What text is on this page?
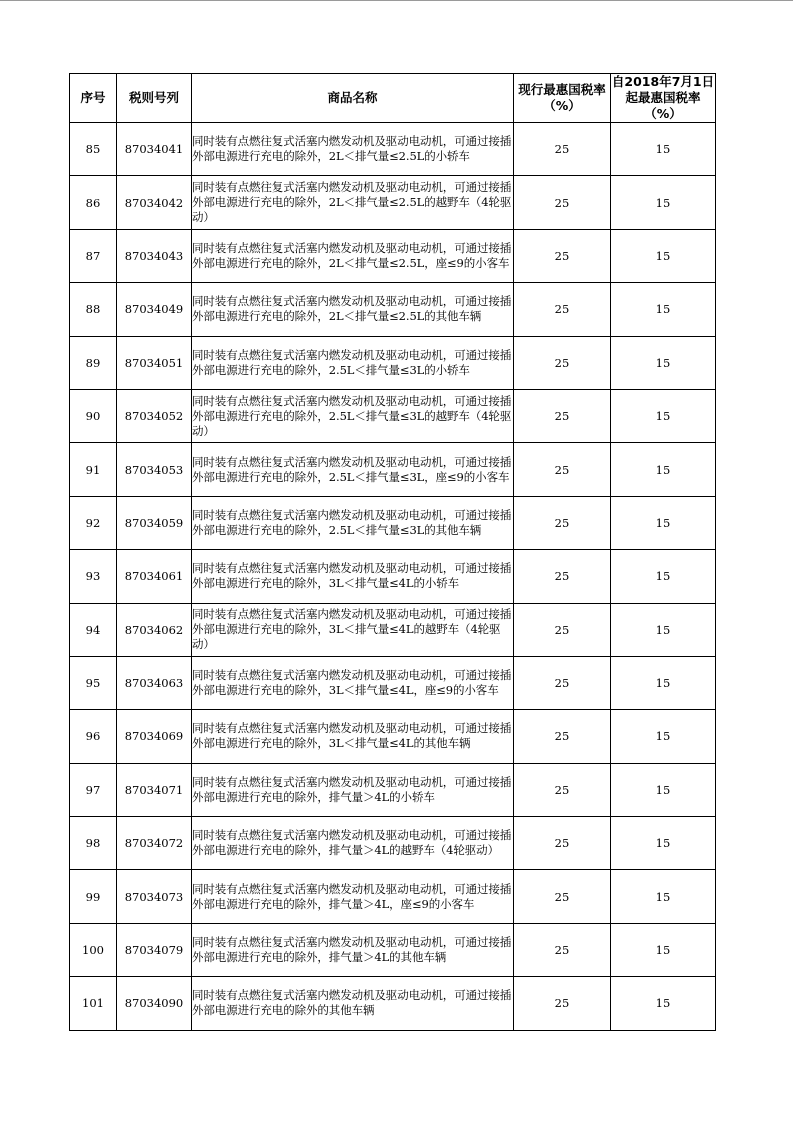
序号	税则号列	商品名称	现行最惠国税率（%）	自2018年7月1日起最惠国税率（%）
85	87034041	同时装有点燃往复式活塞内燃发动机及驱动电动机，可通过接插外部电源进行充电的除外，2L＜排气量≤2.5L的小轿车	25	15
86	87034042	同时装有点燃往复式活塞内燃发动机及驱动电动机，可通过接插外部电源进行充电的除外，2L＜排气量≤2.5L的越野车（4轮驱动）	25	15
87	87034043	同时装有点燃往复式活塞内燃发动机及驱动电动机，可通过接插外部电源进行充电的除外，2L＜排气量≤2.5L，座≤9的小客车	25	15
88	87034049	同时装有点燃往复式活塞内燃发动机及驱动电动机，可通过接插外部电源进行充电的除外，2L＜排气量≤2.5L的其他车辆	25	15
89	87034051	同时装有点燃往复式活塞内燃发动机及驱动电动机，可通过接插外部电源进行充电的除外，2.5L＜排气量≤3L的小轿车	25	15
90	87034052	同时装有点燃往复式活塞内燃发动机及驱动电动机，可通过接插外部电源进行充电的除外，2.5L＜排气量≤3L的越野车（4轮驱动）	25	15
91	87034053	同时装有点燃往复式活塞内燃发动机及驱动电动机，可通过接插外部电源进行充电的除外，2.5L＜排气量≤3L，座≤9的小客车	25	15
92	87034059	同时装有点燃往复式活塞内燃发动机及驱动电动机，可通过接插外部电源进行充电的除外，2.5L＜排气量≤3L的其他车辆	25	15
93	87034061	同时装有点燃往复式活塞内燃发动机及驱动电动机，可通过接插外部电源进行充电的除外，3L＜排气量≤4L的小轿车	25	15
94	87034062	同时装有点燃往复式活塞内燃发动机及驱动电动机，可通过接插外部电源进行充电的除外，3L＜排气量≤4L的越野车（4轮驱动）	25	15
95	87034063	同时装有点燃往复式活塞内燃发动机及驱动电动机，可通过接插外部电源进行充电的除外，3L＜排气量≤4L，座≤9的小客车	25	15
96	87034069	同时装有点燃往复式活塞内燃发动机及驱动电动机，可通过接插外部电源进行充电的除外，3L＜排气量≤4L的其他车辆	25	15
97	87034071	同时装有点燃往复式活塞内燃发动机及驱动电动机，可通过接插外部电源进行充电的除外，排气量＞4L的小轿车	25	15
98	87034072	同时装有点燃往复式活塞内燃发动机及驱动电动机，可通过接插外部电源进行充电的除外，排气量＞4L的越野车（4轮驱动）	25	15
99	87034073	同时装有点燃往复式活塞内燃发动机及驱动电动机，可通过接插外部电源进行充电的除外，排气量＞4L，座≤9的小客车	25	15
100	87034079	同时装有点燃往复式活塞内燃发动机及驱动电动机，可通过接插外部电源进行充电的除外，排气量＞4L的其他车辆	25	15
101	87034090	同时装有点燃往复式活塞内燃发动机及驱动电动机，可通过接插外部电源进行充电的除外的其他车辆	25	15
